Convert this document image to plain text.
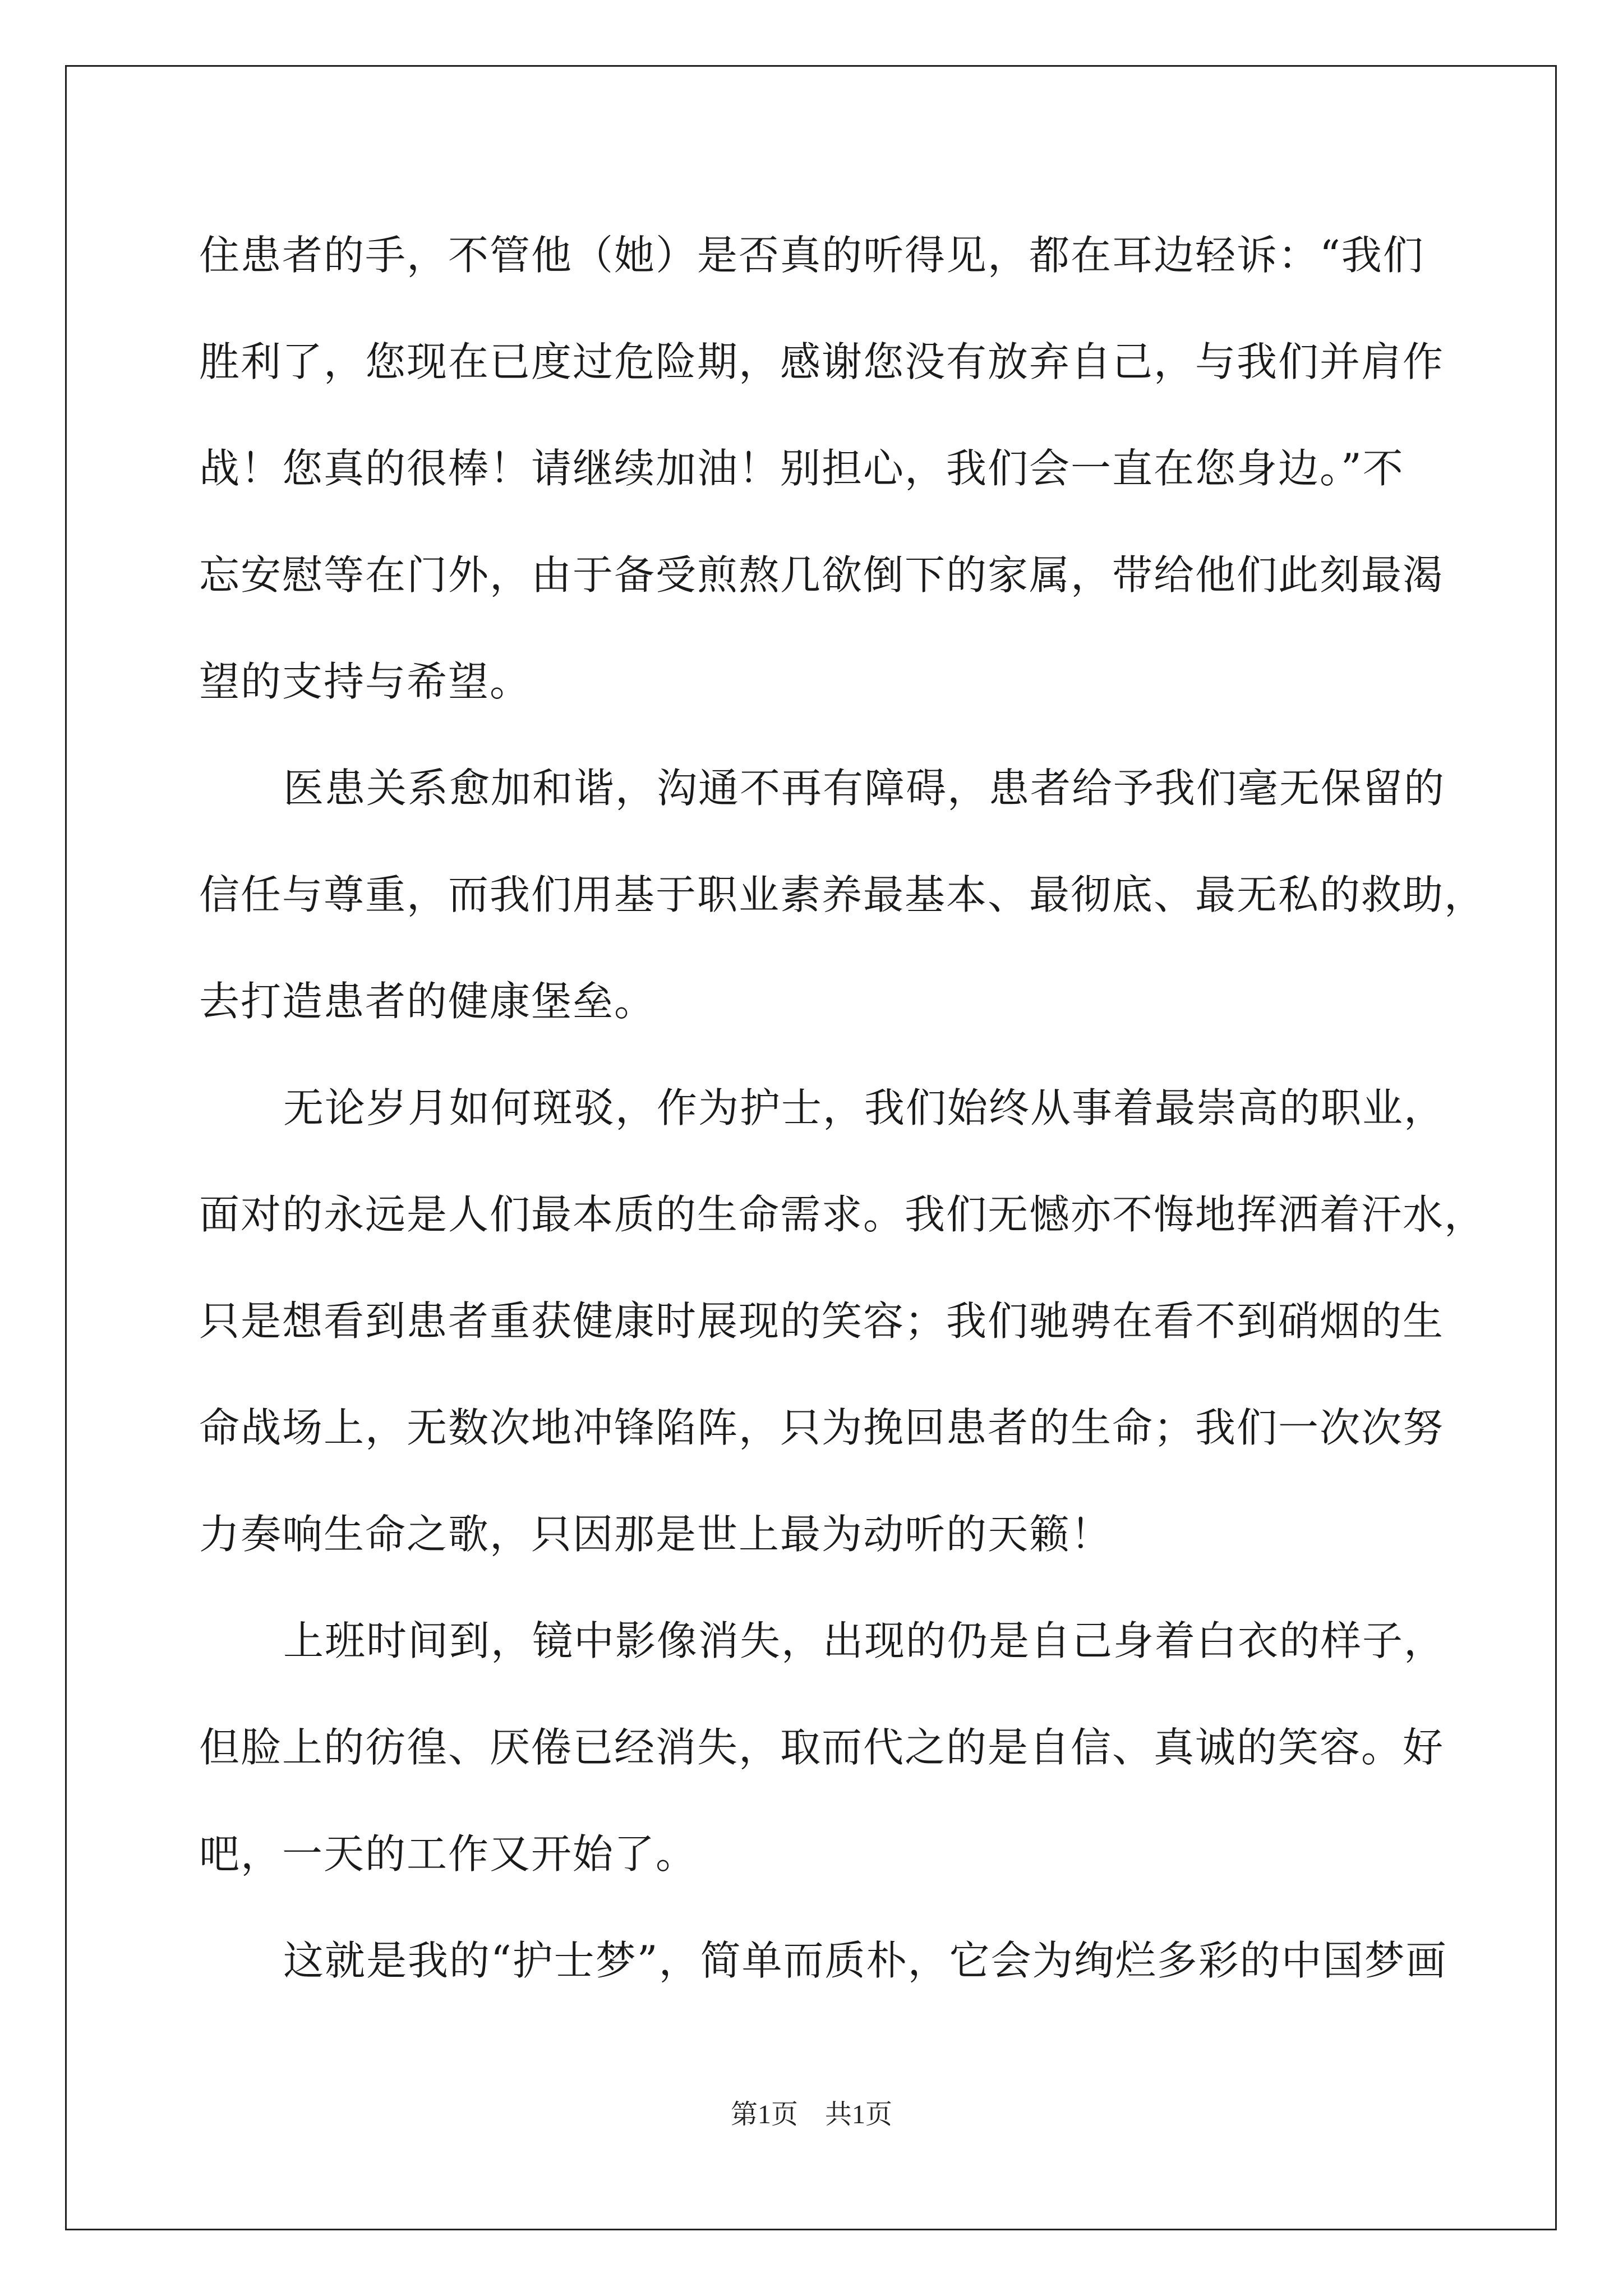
住患者的手，不管他（她）是否真的听得见，都在耳边轻诉：“我们
胜利了，您现在已度过危险期，感谢您没有放弃自己，与我们并肩作
战！您真的很棒！请继续加油！别担心，我们会一直在您身边。”不
忘安慰等在门外，由于备受煎熬几欲倒下的家属，带给他们此刻最渴
望的支持与希望。
医患关系愈加和谐，沟通不再有障碍，患者给予我们毫无保留的
信任与尊重，而我们用基于职业素养最基本、最彻底、最无私的救助，
去打造患者的健康堡垒。
无论岁月如何斑驳，作为护士，我们始终从事着最崇高的职业，
面对的永远是人们最本质的生命需求。我们无憾亦不悔地挥洒着汗水，
只是想看到患者重获健康时展现的笑容；我们驰骋在看不到硝烟的生
命战场上，无数次地冲锋陷阵，只为挽回患者的生命；我们一次次努
力奏响生命之歌，只因那是世上最为动听的天籁！
上班时间到，镜中影像消失，出现的仍是自己身着白衣的样子，
但脸上的彷徨、厌倦已经消失，取而代之的是自信、真诚的笑容。好
吧，一天的工作又开始了。
这就是我的“护士梦”，简单而质朴，它会为绚烂多彩的中国梦画
第1页　共1页
